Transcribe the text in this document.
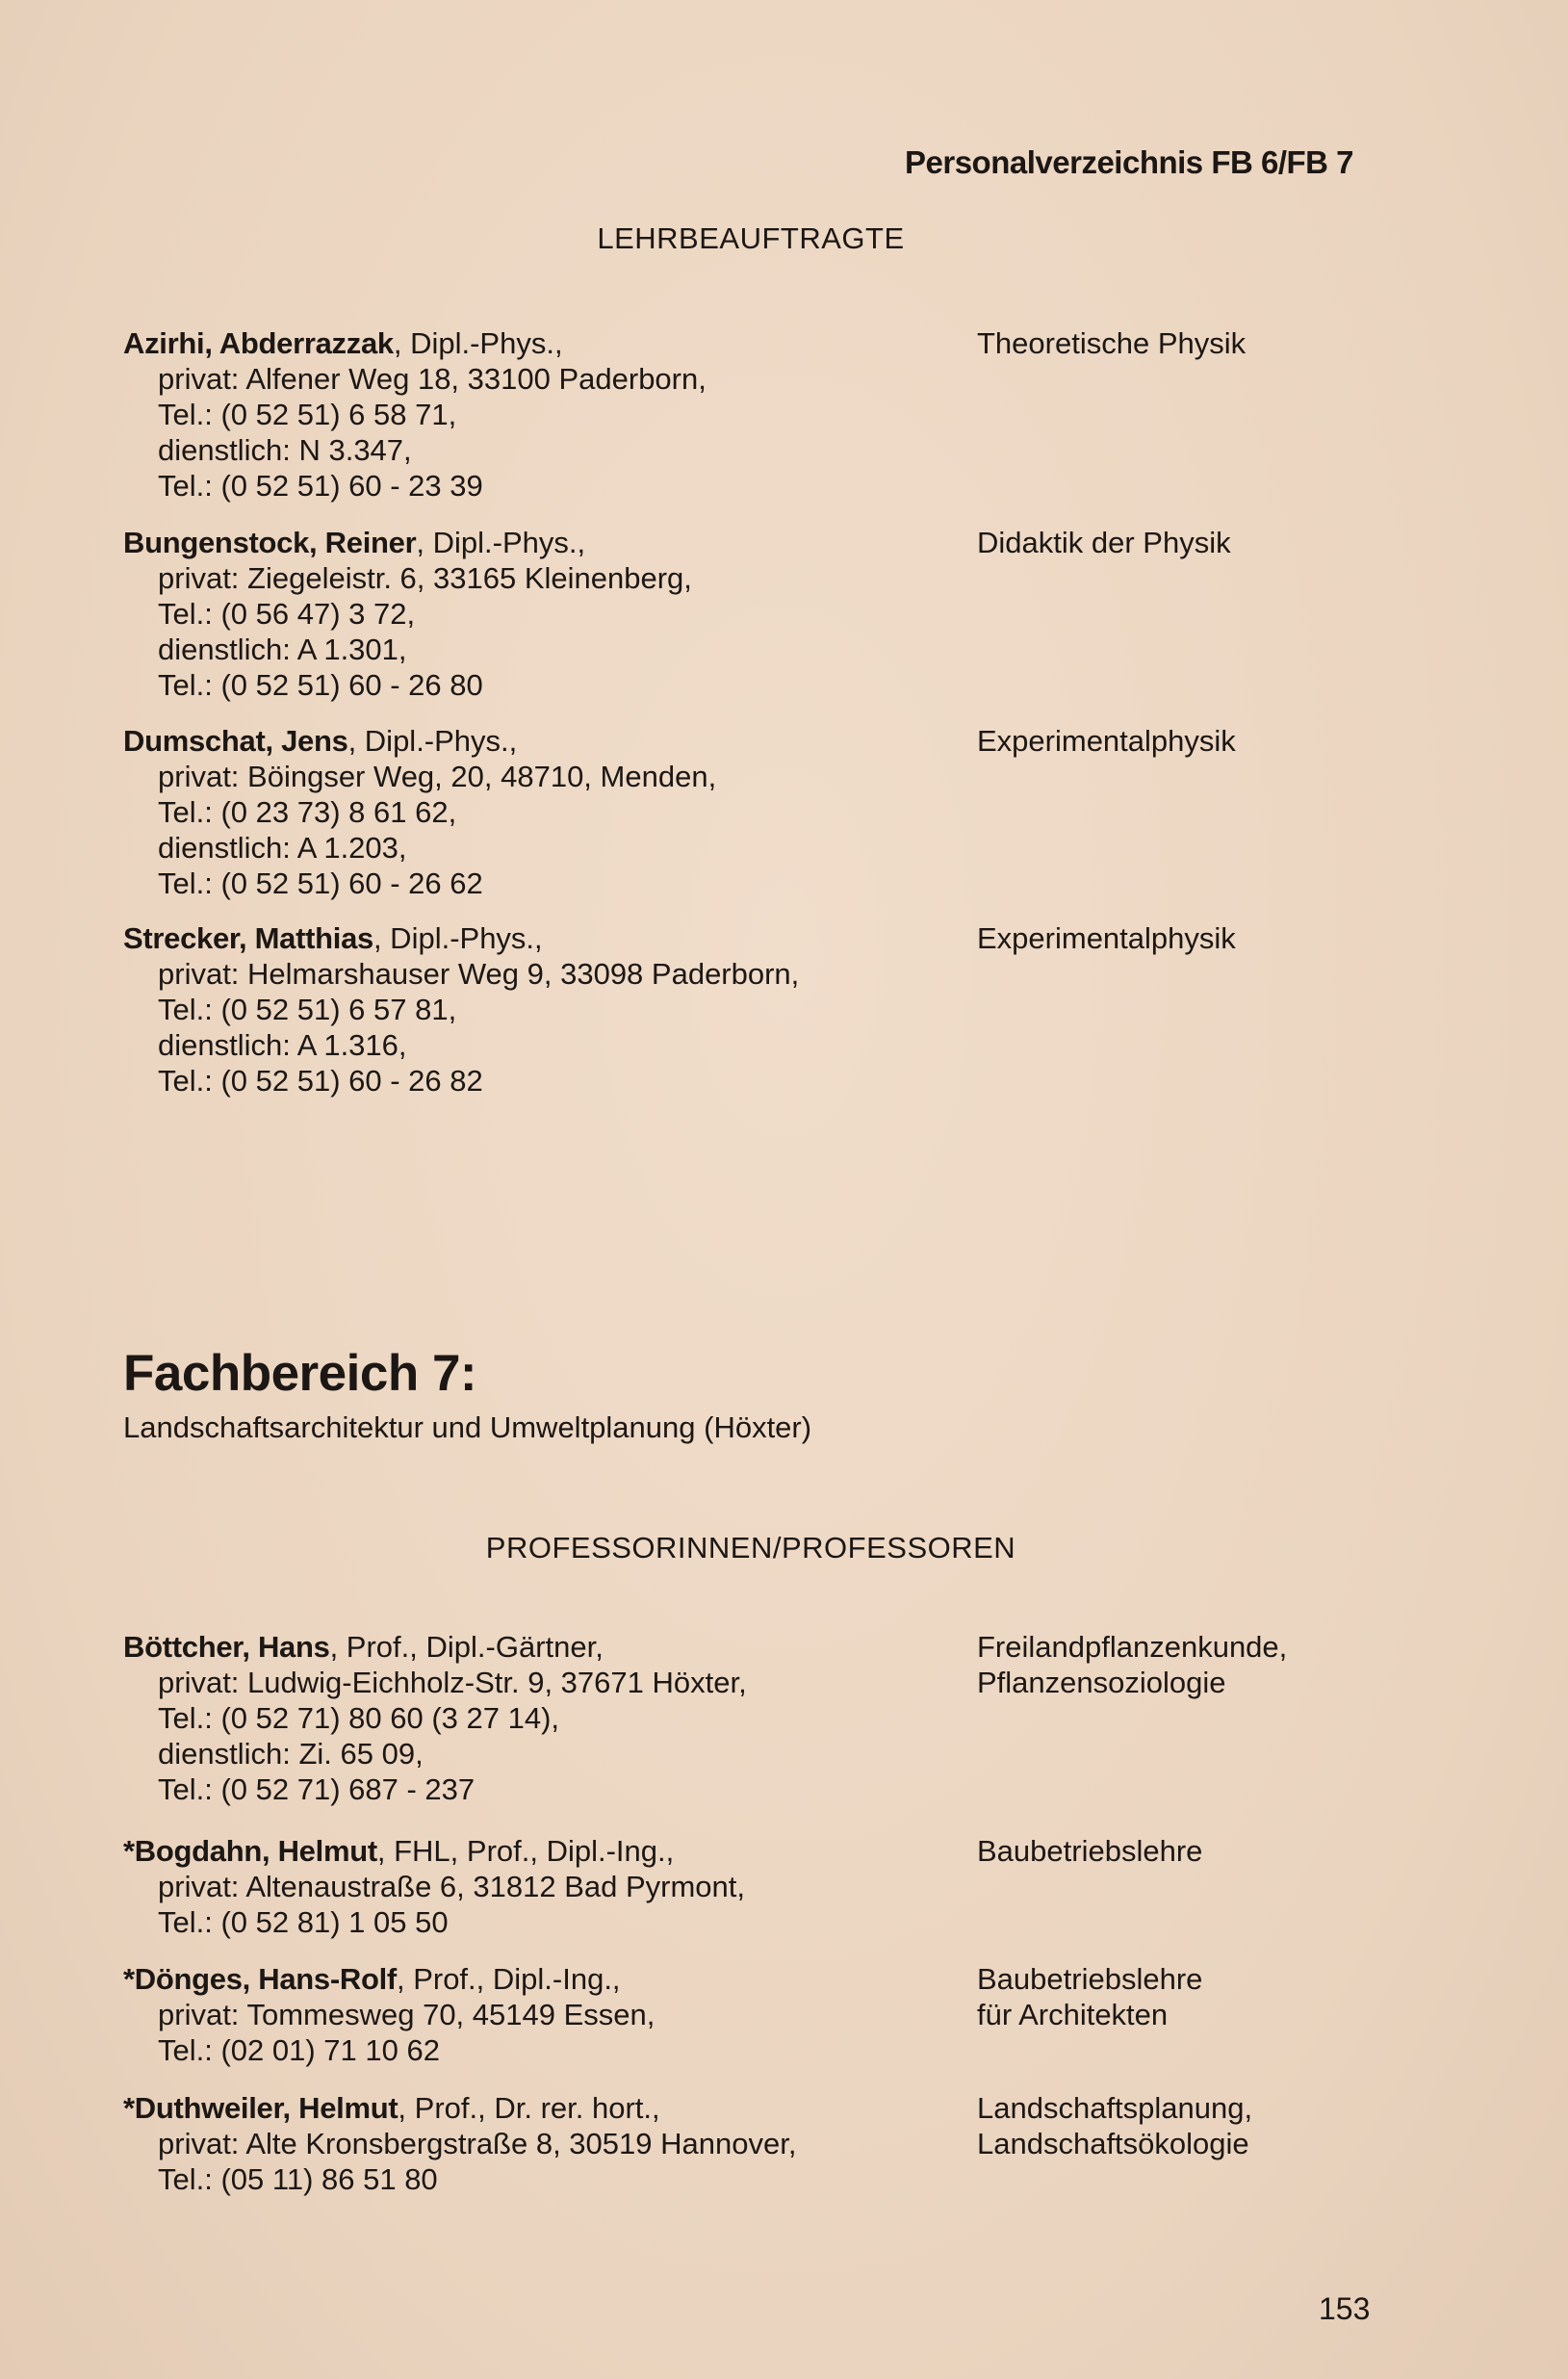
Personalverzeichnis FB 6/FB 7
LEHRBEAUFTRAGTE
Azirhi, Abderrazzak, Dipl.-Phys.,
privat: Alfener Weg 18, 33100 Paderborn,
Tel.: (0 52 51) 6 58 71,
dienstlich: N 3.347,
Tel.: (0 52 51) 60 - 23 39
Theoretische Physik
Bungenstock, Reiner, Dipl.-Phys.,
privat: Ziegeleistr. 6, 33165 Kleinenberg,
Tel.: (0 56 47) 3 72,
dienstlich: A 1.301,
Tel.: (0 52 51) 60 - 26 80
Didaktik der Physik
Dumschat, Jens, Dipl.-Phys.,
privat: Böingser Weg, 20, 48710, Menden,
Tel.: (0 23 73) 8 61 62,
dienstlich: A 1.203,
Tel.: (0 52 51) 60 - 26 62
Experimentalphysik
Strecker, Matthias, Dipl.-Phys.,
privat: Helmarshauser Weg 9, 33098 Paderborn,
Tel.: (0 52 51) 6 57 81,
dienstlich: A 1.316,
Tel.: (0 52 51) 60 - 26 82
Experimentalphysik
Fachbereich 7:
Landschaftsarchitektur und Umweltplanung (Höxter)
PROFESSORINNEN/PROFESSOREN
Böttcher, Hans, Prof., Dipl.-Gärtner,
privat: Ludwig-Eichholz-Str. 9, 37671 Höxter,
Tel.: (0 52 71) 80 60 (3 27 14),
dienstlich: Zi. 65 09,
Tel.: (0 52 71) 687 - 237
Freilandpflanzenkunde,
Pflanzensoziologie
*Bogdahn, Helmut, FHL, Prof., Dipl.-Ing.,
privat: Altenaustraße 6, 31812 Bad Pyrmont,
Tel.: (0 52 81) 1 05 50
Baubetriebslehre
*Dönges, Hans-Rolf, Prof., Dipl.-Ing.,
privat: Tommesweg 70, 45149 Essen,
Tel.: (02 01) 71 10 62
Baubetriebslehre
für Architekten
*Duthweiler, Helmut, Prof., Dr. rer. hort.,
privat: Alte Kronsbergstraße 8, 30519 Hannover,
Tel.: (05 11) 86 51 80
Landschaftsplanung,
Landschaftsökologie
153
